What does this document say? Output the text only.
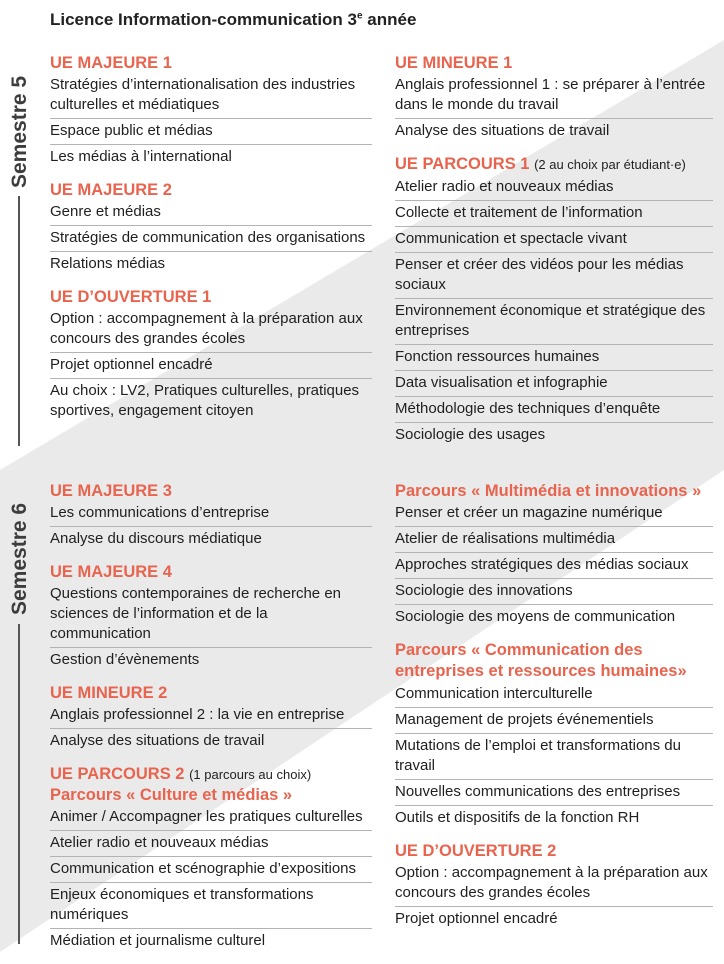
Licence Information-communication 3e année
Semestre 5
Semestre 6
UE MAJEURE 1
Stratégies d’internationalisation des industries culturelles et médiatiques
Espace public et médias
Les médias à l’international
UE MAJEURE 2
Genre et médias
Stratégies de communication des organisations
Relations médias
UE D’OUVERTURE 1
Option : accompagnement à la préparation aux concours des grandes écoles
Projet optionnel encadré
Au choix : LV2, Pratiques culturelles, pratiques sportives, engagement citoyen
UE MINEURE 1
Anglais professionnel 1 : se préparer à l’entrée dans le monde du travail
Analyse des situations de travail
UE PARCOURS 1 (2 au choix par étudiant·e)
Atelier radio et nouveaux médias
Collecte et traitement de l’information
Communication et spectacle vivant
Penser et créer des vidéos pour les médias sociaux
Environnement économique et stratégique des entreprises
Fonction ressources humaines
Data visualisation et infographie
Méthodologie des techniques d’enquête
Sociologie des usages
UE MAJEURE 3
Les communications d’entreprise
Analyse du discours médiatique
UE MAJEURE 4
Questions contemporaines de recherche en sciences de l’information et de la communication
Gestion d’évènements
UE MINEURE 2
Anglais professionnel 2 : la vie en entreprise
Analyse des situations de travail
UE PARCOURS 2 (1 parcours au choix)
Parcours « Culture et médias »
Animer / Accompagner les pratiques culturelles
Atelier radio et nouveaux médias
Communication et scénographie d’expositions
Enjeux économiques et transformations numériques
Médiation et journalisme culturel
Parcours « Multimédia et innovations »
Penser et créer un magazine numérique
Atelier de réalisations multimédia
Approches stratégiques des médias sociaux
Sociologie des innovations
Sociologie des moyens de communication
Parcours « Communication des entreprises et ressources humaines»
Communication interculturelle
Management de projets événementiels
Mutations de l’emploi et transformations du travail
Nouvelles communications des entreprises
Outils et dispositifs de la fonction RH
UE D’OUVERTURE 2
Option : accompagnement à la préparation aux concours des grandes écoles
Projet optionnel encadré
